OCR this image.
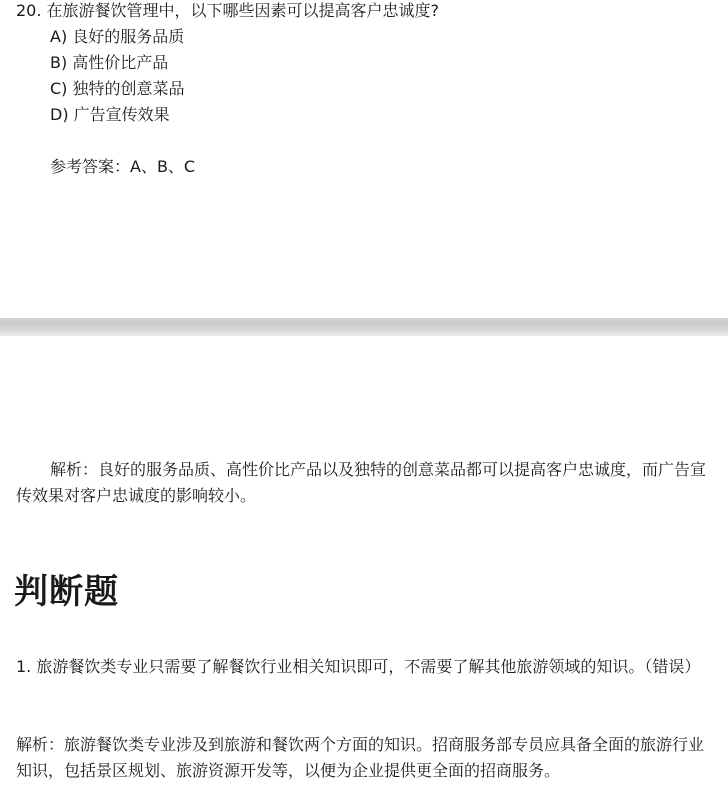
20. 在旅游餐饮管理中，以下哪些因素可以提高客户忠诚度?
A) 良好的服务品质
B) 高性价比产品
C) 独特的创意菜品
D) 广告宣传效果
参考答案：A、B、C
解析：良好的服务品质、高性价比产品以及独特的创意菜品都可以提高客户忠诚度，而广告宣传效果对客户忠诚度的影响较小。
判断题
1. 旅游餐饮类专业只需要了解餐饮行业相关知识即可，不需要了解其他旅游领域的知识。（错误）
解析：旅游餐饮类专业涉及到旅游和餐饮两个方面的知识。招商服务部专员应具备全面的旅游行业知识，包括景区规划、旅游资源开发等，以便为企业提供更全面的招商服务。
